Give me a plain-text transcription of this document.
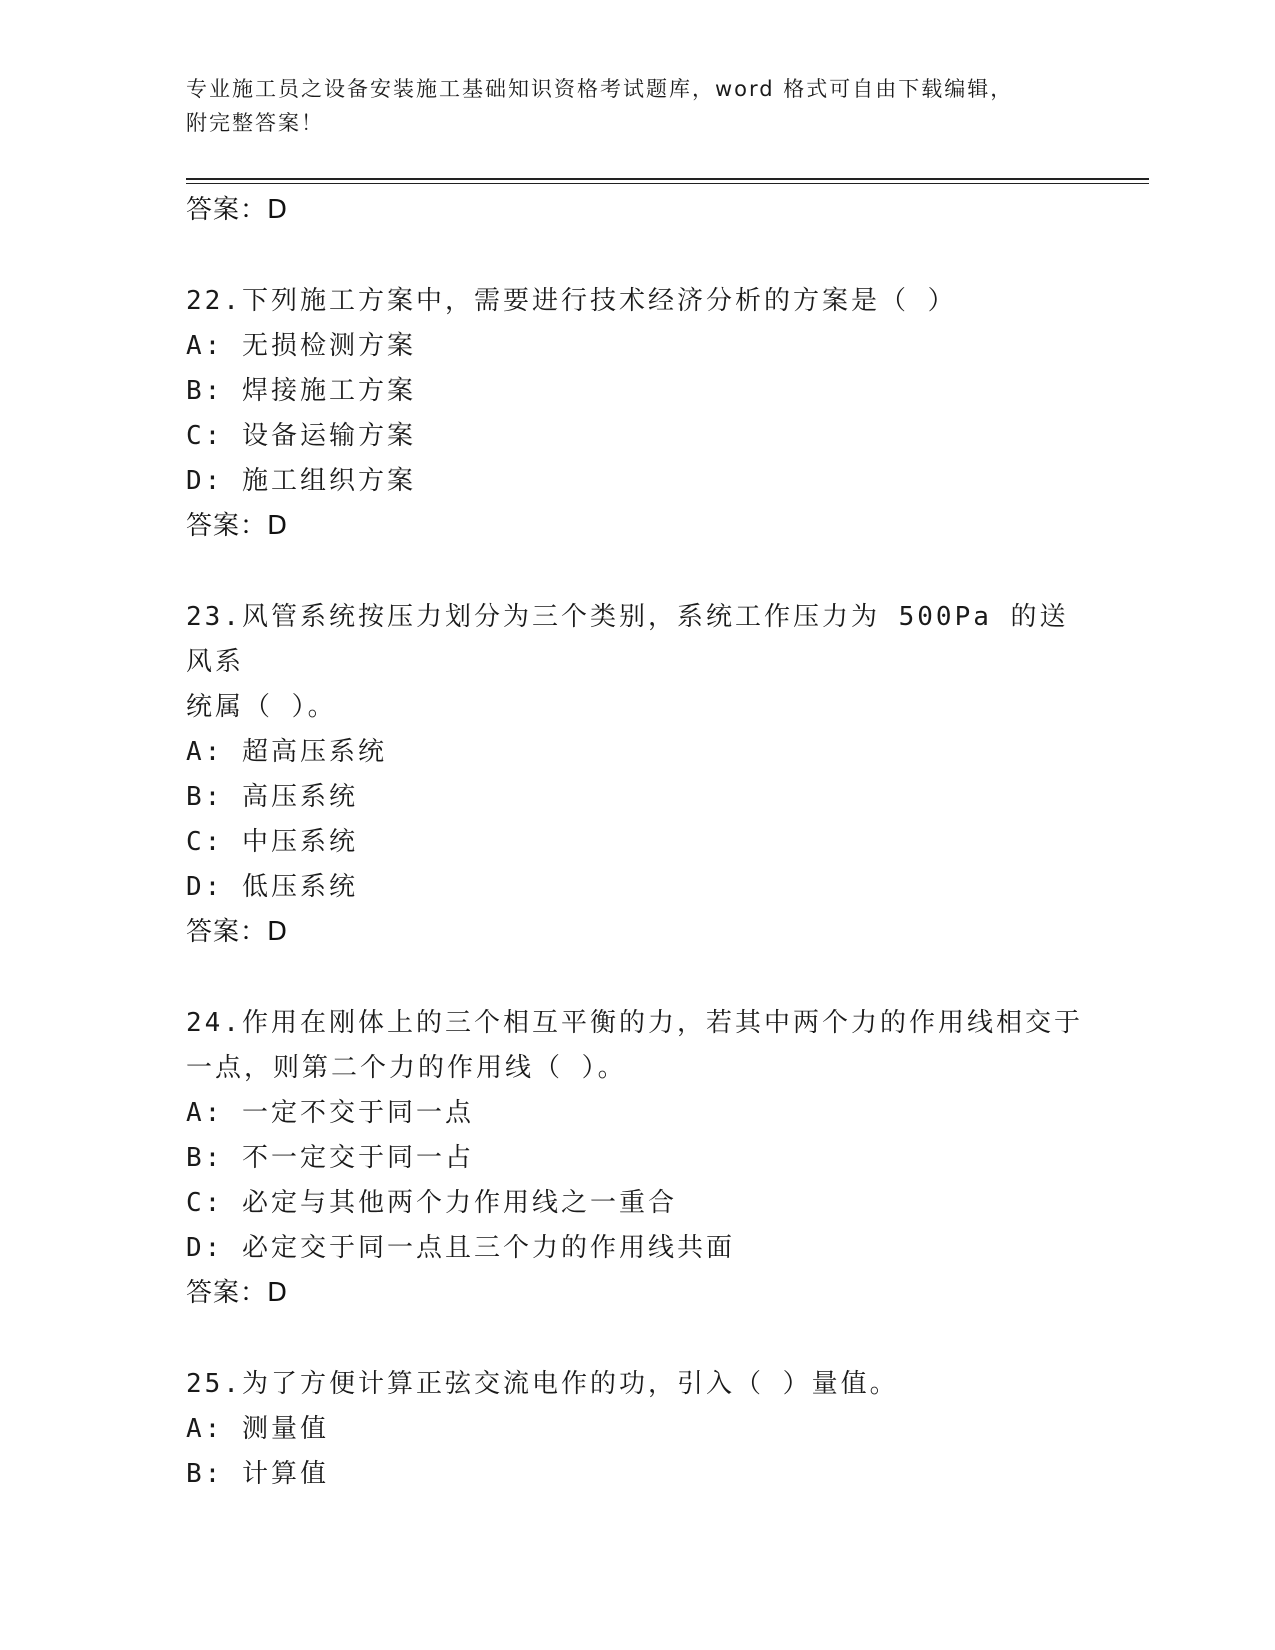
专业施工员之设备安装施工基础知识资格考试题库，word 格式可自由下载编辑，
附完整答案！
答案：D
22.下列施工方案中，需要进行技术经济分析的方案是（ ）
A: 无损检测方案
B: 焊接施工方案
C: 设备运输方案
D: 施工组织方案
答案：D
23.风管系统按压力划分为三个类别，系统工作压力为 500Pa 的送风系
统属（ ）。
A: 超高压系统
B: 高压系统
C: 中压系统
D: 低压系统
答案：D
24.作用在刚体上的三个相互平衡的力，若其中两个力的作用线相交于
一点，则第二个力的作用线（ ）。
A: 一定不交于同一点
B: 不一定交于同一占
C: 必定与其他两个力作用线之一重合
D: 必定交于同一点且三个力的作用线共面
答案：D
25.为了方便计算正弦交流电作的功，引入（ ）量值。
A: 测量值
B: 计算值
